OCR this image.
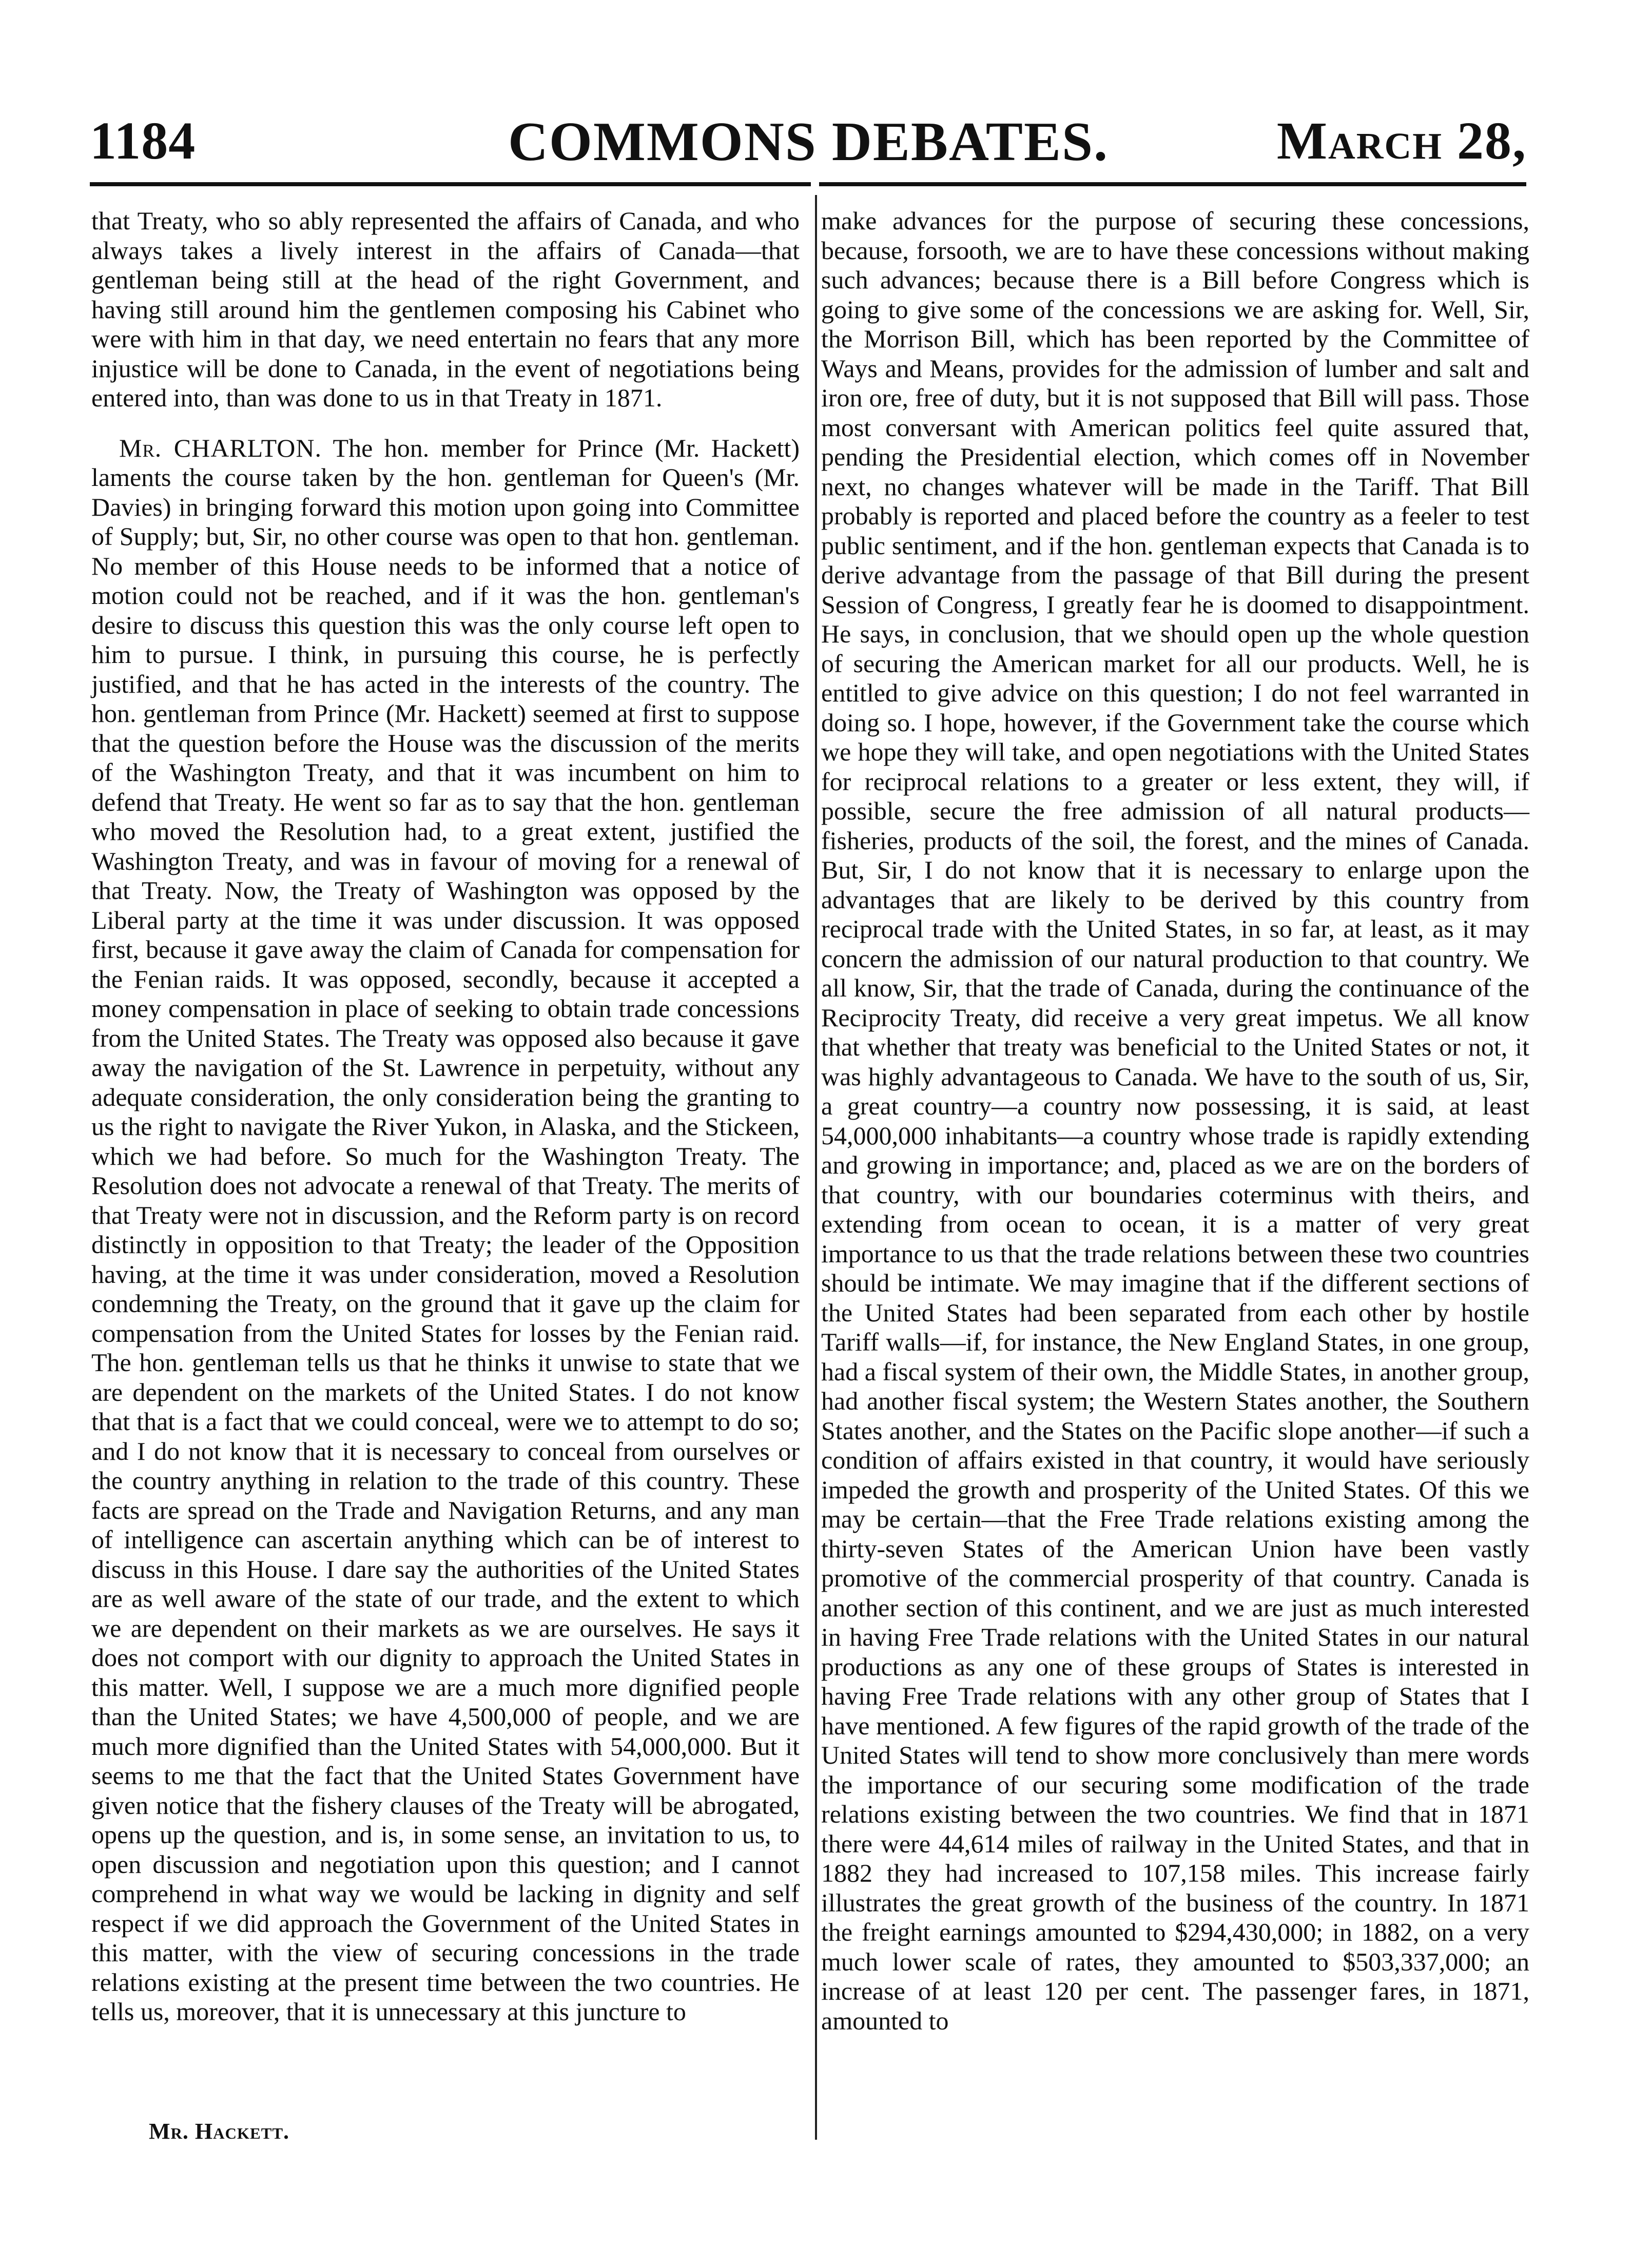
1184	COMMONS DEBATES.	March 28,

that Treaty, who so ably represented the affairs of Canada, and who always takes a lively interest in the affairs of Canada—that gentleman being still at the head of the right Government, and having still around him the gentlemen composing his Cabinet who were with him in that day, we need entertain no fears that any more injustice will be done to Canada, in the event of negotiations being entered into, than was done to us in that Treaty in 1871.

Mr. CHARLTON. The hon. member for Prince (Mr. Hackett) laments the course taken by the hon. gentleman for Queen's (Mr. Davies) in bringing forward this motion upon going into Committee of Supply; but, Sir, no other course was open to that hon. gentleman. No member of this House needs to be informed that a notice of motion could not be reached, and if it was the hon. gentleman's desire to discuss this question this was the only course left open to him to pursue. I think, in pursuing this course, he is perfectly justified, and that he has acted in the interests of the country. The hon. gentleman from Prince (Mr. Hackett) seemed at first to suppose that the question before the House was the discussion of the merits of the Washington Treaty, and that it was incumbent on him to defend that Treaty. He went so far as to say that the hon. gentleman who moved the Resolution had, to a great extent, justified the Washington Treaty, and was in favour of moving for a renewal of that Treaty. Now, the Treaty of Washington was opposed by the Liberal party at the time it was under discussion. It was opposed first, because it gave away the claim of Canada for compensation for the Fenian raids. It was opposed, secondly, because it accepted a money compensation in place of seeking to obtain trade concessions from the United States. The Treaty was opposed also because it gave away the navigation of the St. Lawrence in perpetuity, without any adequate consideration, the only consideration being the granting to us the right to navigate the River Yukon, in Alaska, and the Stickeen, which we had before. So much for the Washington Treaty. The Resolution does not advocate a renewal of that Treaty. The merits of that Treaty were not in discussion, and the Reform party is on record distinctly in opposition to that Treaty; the leader of the Opposition having, at the time it was under consideration, moved a Resolution condemning the Treaty, on the ground that it gave up the claim for compensation from the United States for losses by the Fenian raid. The hon. gentleman tells us that he thinks it unwise to state that we are dependent on the markets of the United States. I do not know that that is a fact that we could conceal, were we to attempt to do so; and I do not know that it is necessary to conceal from ourselves or the country anything in relation to the trade of this country. These facts are spread on the Trade and Navigation Returns, and any man of intelligence can ascertain anything which can be of interest to discuss in this House. I dare say the authorities of the United States are as well aware of the state of our trade, and the extent to which we are dependent on their markets as we are ourselves. He says it does not comport with our dignity to approach the United States in this matter. Well, I suppose we are a much more dignified people than the United States; we have 4,500,000 of people, and we are much more dignified than the United States with 54,000,000. But it seems to me that the fact that the United States Government have given notice that the fishery clauses of the Treaty will be abrogated, opens up the question, and is, in some sense, an invitation to us, to open discussion and negotiation upon this question; and I cannot comprehend in what way we would be lacking in dignity and self respect if we did approach the Government of the United States in this matter, with the view of securing concessions in the trade relations existing at the present time between the two countries. He tells us, moreover, that it is unnecessary at this juncture to

Mr. Hackett.

make advances for the purpose of securing these concessions, because, forsooth, we are to have these concessions without making such advances; because there is a Bill before Congress which is going to give some of the concessions we are asking for. Well, Sir, the Morrison Bill, which has been reported by the Committee of Ways and Means, provides for the admission of lumber and salt and iron ore, free of duty, but it is not supposed that Bill will pass. Those most conversant with American politics feel quite assured that, pending the Presidential election, which comes off in November next, no changes whatever will be made in the Tariff. That Bill probably is reported and placed before the country as a feeler to test public sentiment, and if the hon. gentleman expects that Canada is to derive advantage from the passage of that Bill during the present Session of Congress, I greatly fear he is doomed to disappointment. He says, in conclusion, that we should open up the whole question of securing the American market for all our products. Well, he is entitled to give advice on this question; I do not feel warranted in doing so. I hope, however, if the Government take the course which we hope they will take, and open negotiations with the United States for reciprocal relations to a greater or less extent, they will, if possible, secure the free admission of all natural products—fisheries, products of the soil, the forest, and the mines of Canada. But, Sir, I do not know that it is necessary to enlarge upon the advantages that are likely to be derived by this country from reciprocal trade with the United States, in so far, at least, as it may concern the admission of our natural production to that country. We all know, Sir, that the trade of Canada, during the continuance of the Reciprocity Treaty, did receive a very great impetus. We all know that whether that treaty was beneficial to the United States or not, it was highly advantageous to Canada. We have to the south of us, Sir, a great country—a country now possessing, it is said, at least 54,000,000 inhabitants—a country whose trade is rapidly extending and growing in importance; and, placed as we are on the borders of that country, with our boundaries coterminus with theirs, and extending from ocean to ocean, it is a matter of very great importance to us that the trade relations between these two countries should be intimate. We may imagine that if the different sections of the United States had been separated from each other by hostile Tariff walls—if, for instance, the New England States, in one group, had a fiscal system of their own, the Middle States, in another group, had another fiscal system; the Western States another, the Southern States another, and the States on the Pacific slope another—if such a condition of affairs existed in that country, it would have seriously impeded the growth and prosperity of the United States. Of this we may be certain—that the Free Trade relations existing among the thirty-seven States of the American Union have been vastly promotive of the commercial prosperity of that country. Canada is another section of this continent, and we are just as much interested in having Free Trade relations with the United States in our natural productions as any one of these groups of States is interested in having Free Trade relations with any other group of States that I have mentioned. A few figures of the rapid growth of the trade of the United States will tend to show more conclusively than mere words the importance of our securing some modification of the trade relations existing between the two countries. We find that in 1871 there were 44,614 miles of railway in the United States, and that in 1882 they had increased to 107,158 miles. This increase fairly illustrates the great growth of the business of the country. In 1871 the freight earnings amounted to $294,430,000; in 1882, on a very much lower scale of rates, they amounted to $503,337,000; an increase of at least 120 per cent. The passenger fares, in 1871, amounted to
